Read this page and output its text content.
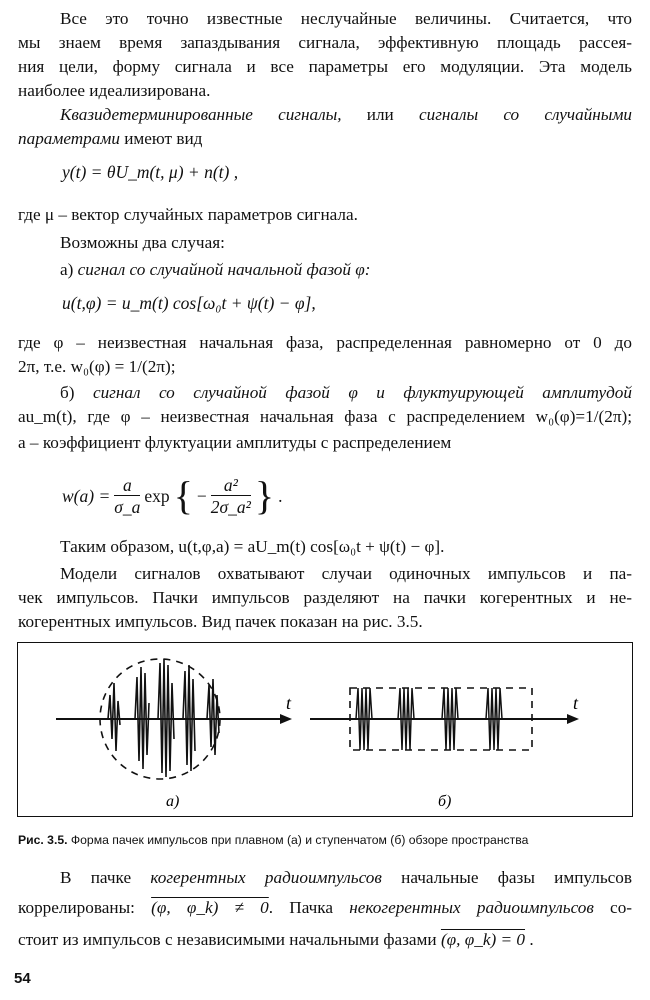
Все это точно известные неслучайные величины. Считается, что
мы знаем время запаздывания сигнала, эффективную площадь рассея-
ния цели, форму сигнала и все параметры его модуляции. Эта модель
наиболее идеализирована.
Квазидетерминированные сигналы, или сигналы со случайными
параметрами имеют вид
y(t) = θU_m(t, μ) + n(t) ,
где μ – вектор случайных параметров сигнала.
Возможны два случая:
а) сигнал со случайной начальной фазой φ:
u(t,φ) = u_m(t) cos[ω₀t + ψ(t) − φ],
где φ – неизвестная начальная фаза, распределенная равномерно от 0 до
2π, т.е. w₀(φ) = 1/(2π);
б) сигнал со случайной фазой φ и флуктуирующей амплитудой
au_m(t), где φ – неизвестная начальная фаза с распределением w₀(φ)=1/(2π);
a – коэффициент флуктуации амплитуды с распределением
$w(a) = \frac{a}{\sigma\_a}$ exp { − $\frac{\text{a²}}{\text{2σ\_a²}}$ } .
Таким образом, u(t,φ,a) = aU_m(t) cos[ω₀t + ψ(t) − φ].
Модели сигналов охватывают случаи одиночных импульсов и па-
чек импульсов. Пачки импульсов разделяют на пачки когерентных и не-
когерентных импульсов. Вид пачек показан на рис. 3.5.
t	t
а)	б)
Рис. 3.5. Форма пачек импульсов при плавном (а) и ступенчатом (б) обзоре пространства
В пачке когерентных радиоимпульсов начальные фазы импульсов
коррелированы: (φ, φ_k) ≠ 0. Пачка некогерентных радиоимпульсов со-
стоит из импульсов с независимыми начальными фазами (φ, φ_k) = 0 .
54
